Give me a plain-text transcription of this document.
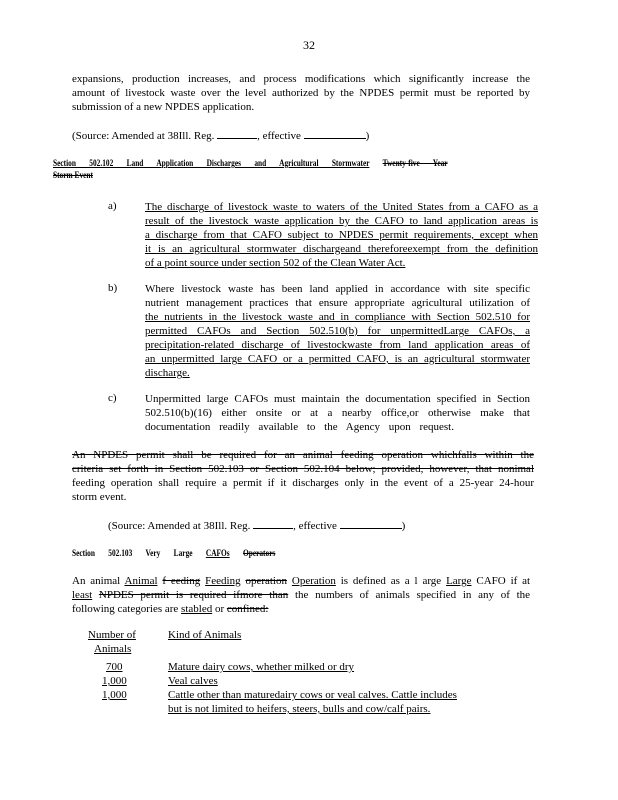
32

expansions, production increases, and process modifications which significantly increase the

amount of livestock waste over the level authorized by the NPDES permit must be reported by

submission of a new NPDES application.

(Source: Amended at 38Ill. Reg.	, effective	)
Section 502.102 Land Application Discharges and Agricultural Stormwater Twenty-five Year
Storm Event
a)	The discharge of livestock waste to waters of the United States from a CAFO as a

result of the livestock waste application by the CAFO to land application areas is

a discharge from that CAFO subject to NPDES permit requirements, except when

it is an agricultural stormwater dischargeand thereforeexempt from the definition

of a point source under section 502 of the Clean Water Act.

b)	Where livestock waste has been land applied in accordance with site specific

nutrient management practices that ensure appropriate agricultural utilization of

the nutrients in the livestock waste and in compliance with Section 502.510 for

permitted CAFOs and Section 502.510(b) for unpermittedLarge CAFOs, a

precipitation-related discharge of livestockwaste from land application areas of

an unpermitted large CAFO or a permitted CAFO, is an agricultural stormwater

discharge.

c)	Unpermitted large CAFOs must maintain the documentation specified in Section

502.510(b)(16) either onsite or at a nearby office,or otherwise make that

documentation readily available to the Agency upon request.

An NPDES permit shall be required for an animal feeding operation whichfalls within the

criteria set forth in Section 502.103 or Section 502.104 below; provided, however, that nonimal

feeding operation shall require a permit if it discharges only in the event of a 25-year 24-hour

storm event.

(Source: Amended at 38Ill. Reg.	, effective	)
Section 502.103 Very Large CAFOs Operators

An animal Animal f eeding Feeding operation Operation is defined as a l arge Large CAFO if at

least NPDES permit is required ifmore than the numbers of animals specified in any of the

following categories are stabled or confined:

Number of	Kind of Animals
Animals	

700	Mature dairy cows, whether milked or dry
1,000	Veal calves
1,000	Cattle other than maturedairy cows or veal calves. Cattle includes
	but is not limited to heifers, steers, bulls and cow/calf pairs.
